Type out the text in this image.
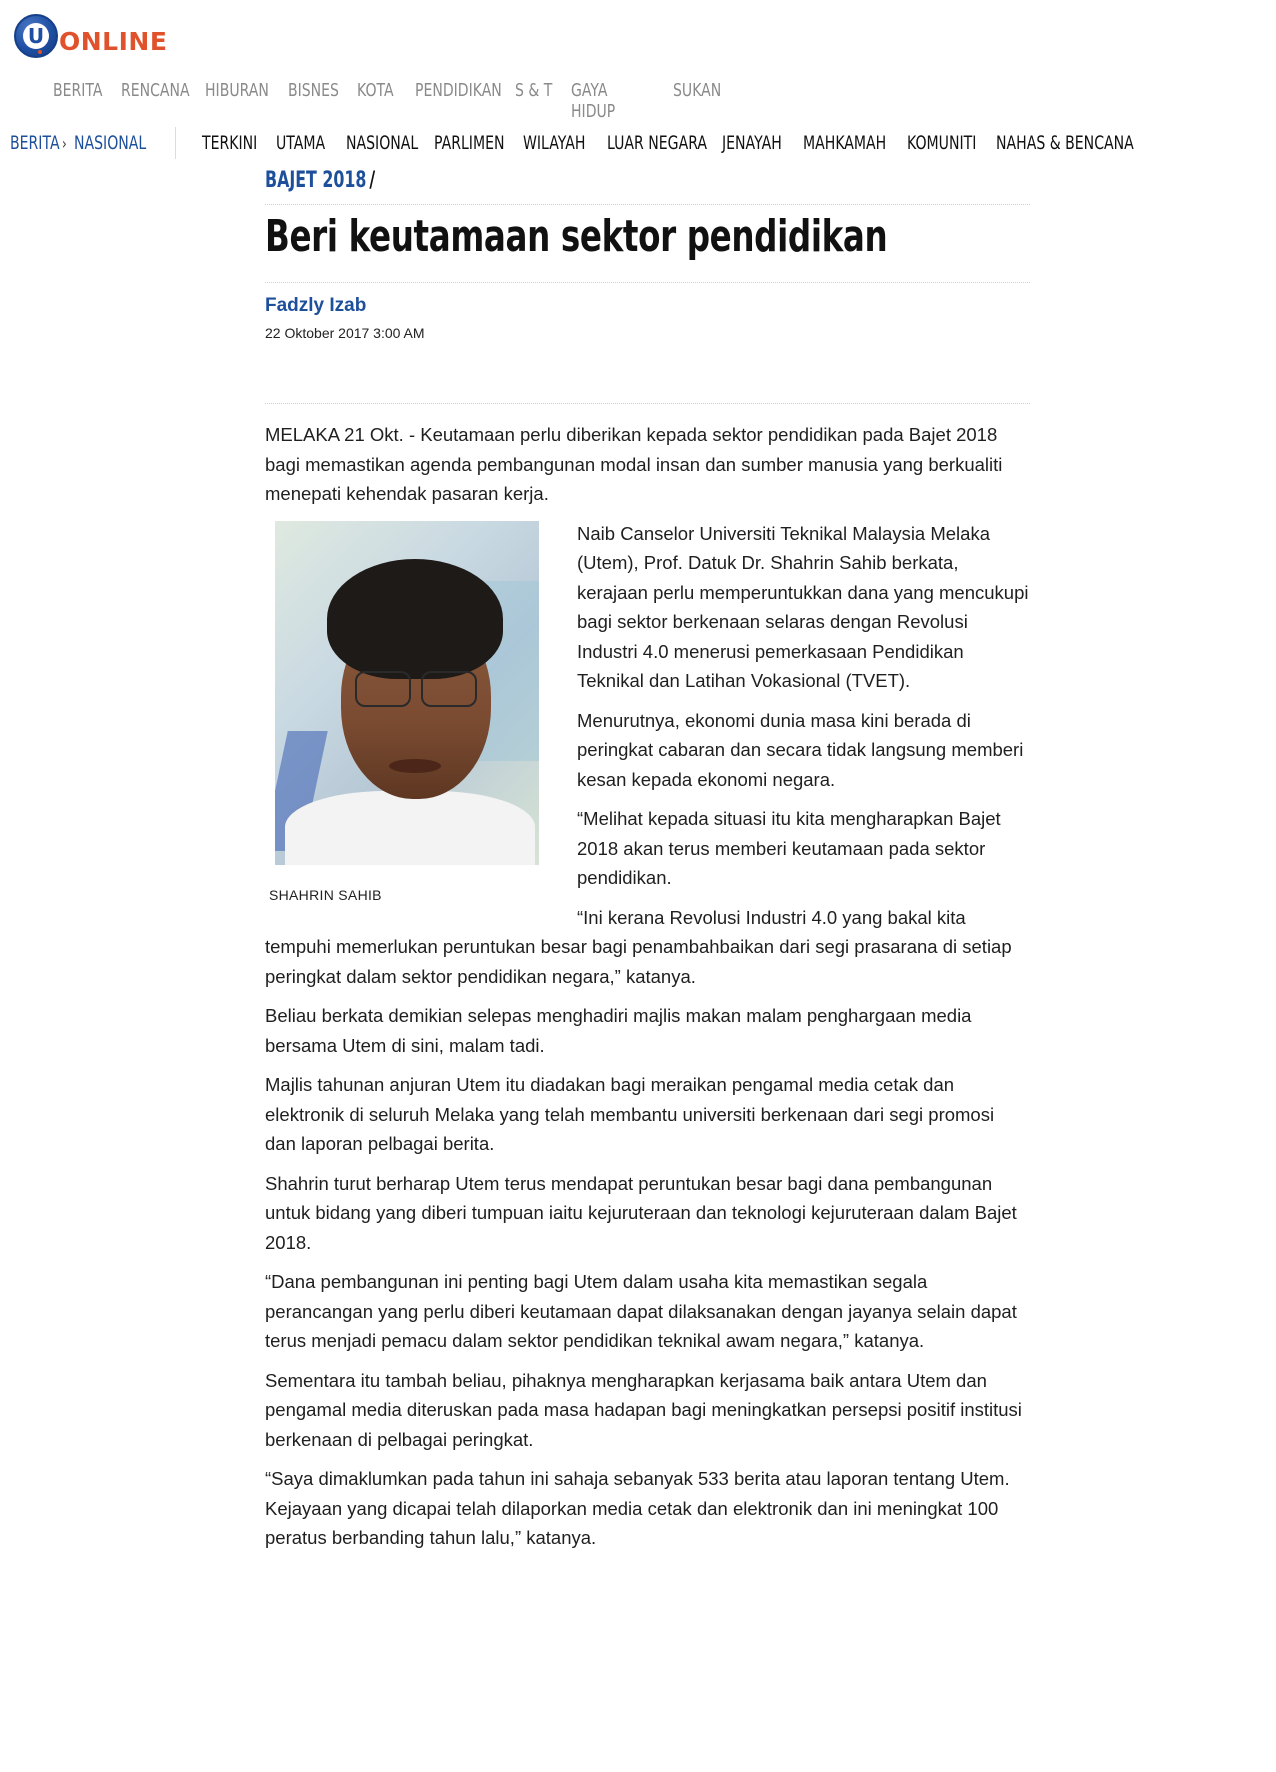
U ONLINE
BERITA RENCANA HIBURAN BISNES KOTA	PENDIDIKAN S & T	GAYA HIDUP
SUKAN
BERITA › NASIONAL	TERKINI UTAMA NASIONAL PARLIMEN WILAYAH LUAR NEGARA JENAYAH MAHKAMAH KOMUNITI NAHAS & BENCANA
BAJET 2018 /
Beri keutamaan sektor pendidikan
Fadzly Izab
22 Oktober 2017 3:00 AM

MELAKA 21 Okt. - Keutamaan perlu diberikan kepada sektor pendidikan pada Bajet 2018 bagi memastikan agenda pembangunan modal insan dan sumber manusia yang berkualiti menepati kehendak pasaran kerja.

SHAHRIN SAHIB

Naib Canselor Universiti Teknikal Malaysia Melaka (Utem), Prof. Datuk Dr. Shahrin Sahib berkata, kerajaan perlu memperuntukkan dana yang mencukupi bagi sektor berkenaan selaras dengan Revolusi Industri 4.0 menerusi pemerkasaan Pendidikan Teknikal dan Latihan Vokasional (TVET).

Menurutnya, ekonomi dunia masa kini berada di peringkat cabaran dan secara tidak langsung memberi kesan kepada ekonomi negara.

“Melihat kepada situasi itu kita mengharapkan Bajet 2018 akan terus memberi keutamaan pada sektor pendidikan.

“Ini kerana Revolusi Industri 4.0 yang bakal kita tempuhi memerlukan peruntukan besar bagi penambahbaikan dari segi prasarana di setiap peringkat dalam sektor pendidikan negara,” katanya.

Beliau berkata demikian selepas menghadiri majlis makan malam penghargaan media bersama Utem di sini, malam tadi.

Majlis tahunan anjuran Utem itu diadakan bagi meraikan pengamal media cetak dan elektronik di seluruh Melaka yang telah membantu universiti berkenaan dari segi promosi dan laporan pelbagai berita.

Shahrin turut berharap Utem terus mendapat peruntukan besar bagi dana pembangunan untuk bidang yang diberi tumpuan iaitu kejuruteraan dan teknologi kejuruteraan dalam Bajet 2018.

“Dana pembangunan ini penting bagi Utem dalam usaha kita memastikan segala perancangan yang perlu diberi keutamaan dapat dilaksanakan dengan jayanya selain dapat terus menjadi pemacu dalam sektor pendidikan teknikal awam negara,” katanya.

Sementara itu tambah beliau, pihaknya mengharapkan kerjasama baik antara Utem dan pengamal media diteruskan pada masa hadapan bagi meningkatkan persepsi positif institusi berkenaan di pelbagai peringkat.

“Saya dimaklumkan pada tahun ini sahaja sebanyak 533 berita atau laporan tentang Utem. Kejayaan yang dicapai telah dilaporkan media cetak dan elektronik dan ini meningkat 100 peratus berbanding tahun lalu,” katanya.
